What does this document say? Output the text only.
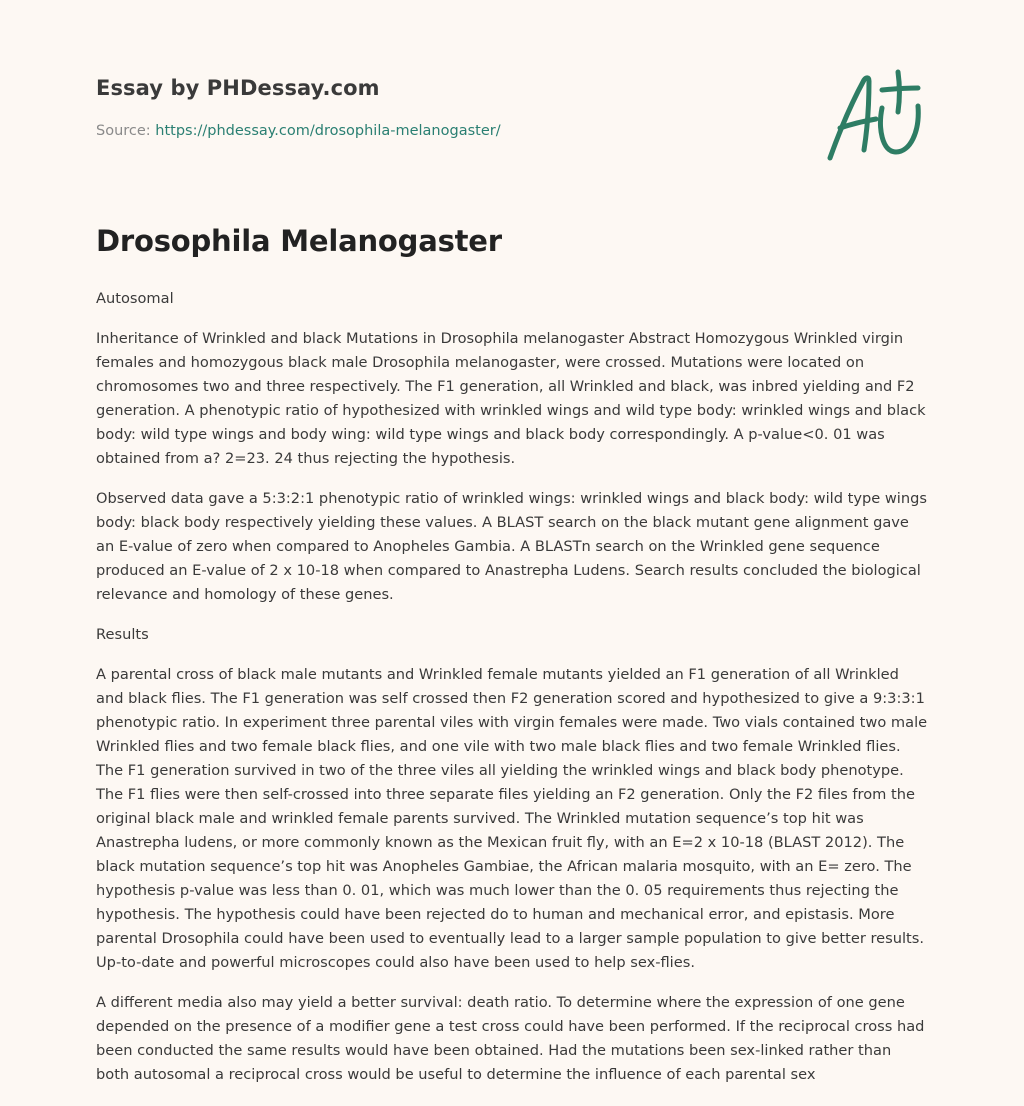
Essay by PHDessay.com
Source: https://phdessay.com/drosophila-melanogaster/
Drosophila Melanogaster

Autosomal

Inheritance of Wrinkled and black Mutations in Drosophila melanogaster Abstract Homozygous Wrinkled virgin females and homozygous black male Drosophila melanogaster, were crossed. Mutations were located on chromosomes two and three respectively. The F1 generation, all Wrinkled and black, was inbred yielding and F2 generation. A phenotypic ratio of hypothesized with wrinkled wings and wild type body: wrinkled wings and black body: wild type wings and body wing: wild type wings and black body correspondingly. A p-value<0. 01 was obtained from a? 2=23. 24 thus rejecting the hypothesis.

Observed data gave a 5:3:2:1 phenotypic ratio of wrinkled wings: wrinkled wings and black body: wild type wings body: black body respectively yielding these values. A BLAST search on the black mutant gene alignment gave an E-value of zero when compared to Anopheles Gambia. A BLASTn search on the Wrinkled gene sequence produced an E-value of 2 x 10-18 when compared to Anastrepha Ludens. Search results concluded the biological relevance and homology of these genes.

Results

A parental cross of black male mutants and Wrinkled female mutants yielded an F1 generation of all Wrinkled and black flies. The F1 generation was self crossed then F2 generation scored and hypothesized to give a 9:3:3:1 phenotypic ratio. In experiment three parental viles with virgin females were made. Two vials contained two male Wrinkled flies and two female black flies, and one vile with two male black flies and two female Wrinkled flies. The F1 generation survived in two of the three viles all yielding the wrinkled wings and black body phenotype. The F1 flies were then self-crossed into three separate files yielding an F2 generation. Only the F2 files from the original black male and wrinkled female parents survived. The Wrinkled mutation sequence’s top hit was Anastrepha ludens, or more commonly known as the Mexican fruit fly, with an E=2 x 10-18 (BLAST 2012). The black mutation sequence’s top hit was Anopheles Gambiae, the African malaria mosquito, with an E= zero. The hypothesis p-value was less than 0. 01, which was much lower than the 0. 05 requirements thus rejecting the hypothesis. The hypothesis could have been rejected do to human and mechanical error, and epistasis. More parental Drosophila could have been used to eventually lead to a larger sample population to give better results. Up-to-date and powerful microscopes could also have been used to help sex-flies.

A different media also may yield a better survival: death ratio. To determine where the expression of one gene depended on the presence of a modifier gene a test cross could have been performed. If the reciprocal cross had been conducted the same results would have been obtained. Had the mutations been sex-linked rather than both autosomal a reciprocal cross would be useful to determine the influence of each parental sex
